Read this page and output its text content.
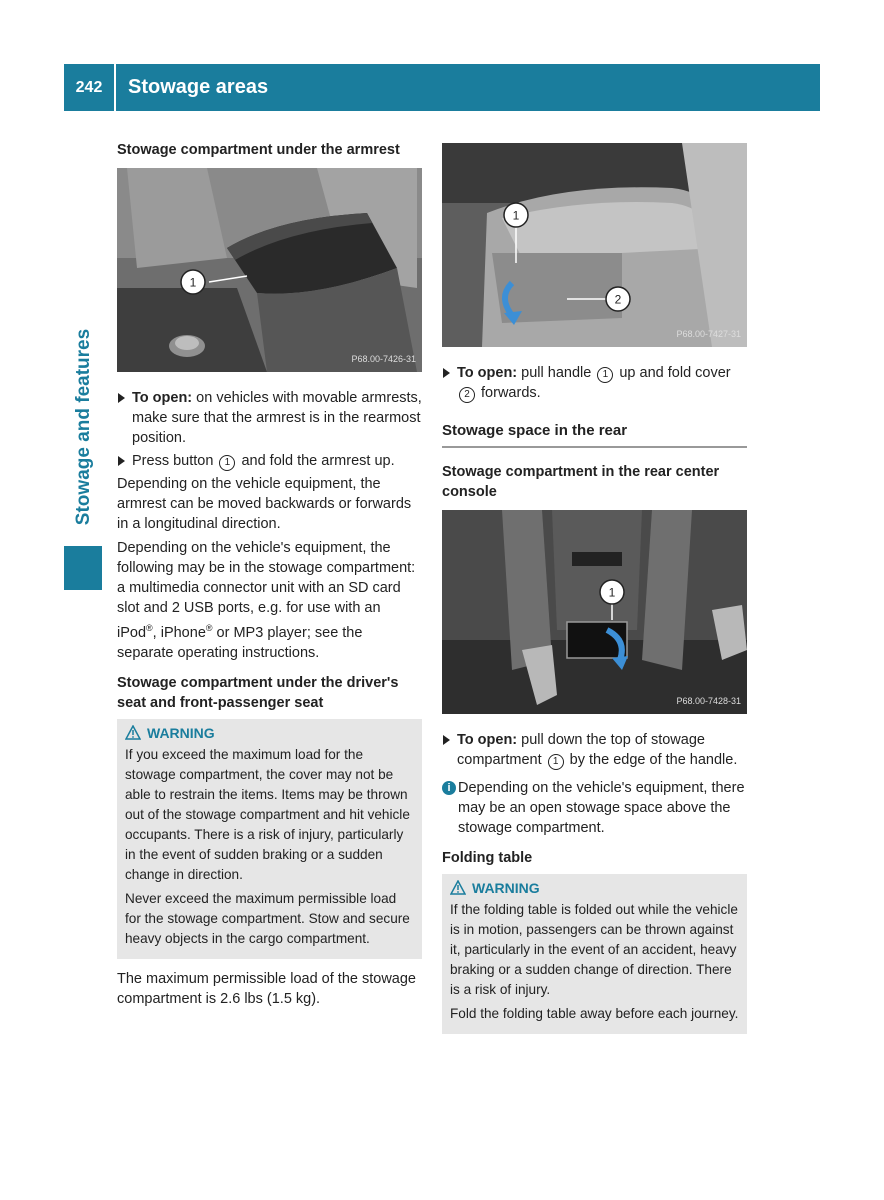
242	Stowage areas
Stowage and features
Stowage compartment under the armrest
1
P68.00-7426-31
To open: on vehicles with movable armrests, make sure that the armrest is in the rearmost position.
Press button 1 and fold the armrest up.

Depending on the vehicle equipment, the armrest can be moved backwards or forwards in a longitudinal direction.

Depending on the vehicle's equipment, the following may be in the stowage compartment: a multimedia connector unit with an SD card slot and 2 USB ports, e.g. for use with an iPod®, iPhone® or MP3 player; see the separate operating instructions.

Stowage compartment under the driver's seat and front-passenger seat
WARNING

If you exceed the maximum load for the stowage compartment, the cover may not be able to restrain the items. Items may be thrown out of the stowage compartment and hit vehicle occupants. There is a risk of injury, particularly in the event of sudden braking or a sudden change in direction.

Never exceed the maximum permissible load for the stowage compartment. Stow and secure heavy objects in the cargo compartment.

The maximum permissible load of the stowage compartment is 2.6 lbs (1.5 kg).

1
2
P68.00-7427-31
To open: pull handle 1 up and fold cover 2 forwards.
Stowage space in the rear
Stowage compartment in the rear center console
1
P68.00-7428-31
To open: pull down the top of stowage compartment 1 by the edge of the handle.
i Depending on the vehicle's equipment, there may be an open stowage space above the stowage compartment.
Folding table
WARNING

If the folding table is folded out while the vehicle is in motion, passengers can be thrown against it, particularly in the event of an accident, heavy braking or a sudden change of direction. There is a risk of injury.

Fold the folding table away before each journey.
